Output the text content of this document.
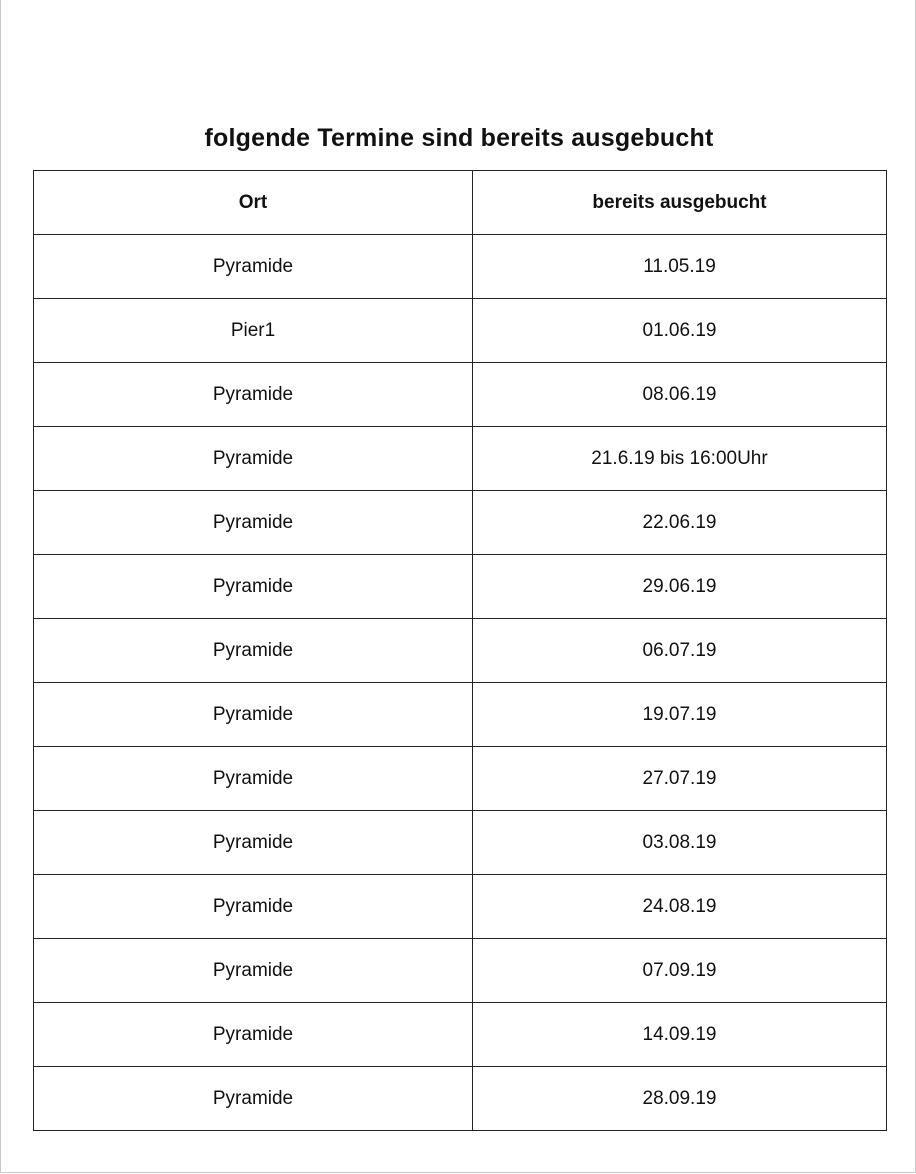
folgende Termine sind bereits ausgebucht
Ort	bereits ausgebucht
Pyramide	11.05.19
Pier1	01.06.19
Pyramide	08.06.19
Pyramide	21.6.19 bis 16:00Uhr
Pyramide	22.06.19
Pyramide	29.06.19
Pyramide	06.07.19
Pyramide	19.07.19
Pyramide	27.07.19
Pyramide	03.08.19
Pyramide	24.08.19
Pyramide	07.09.19
Pyramide	14.09.19
Pyramide	28.09.19
